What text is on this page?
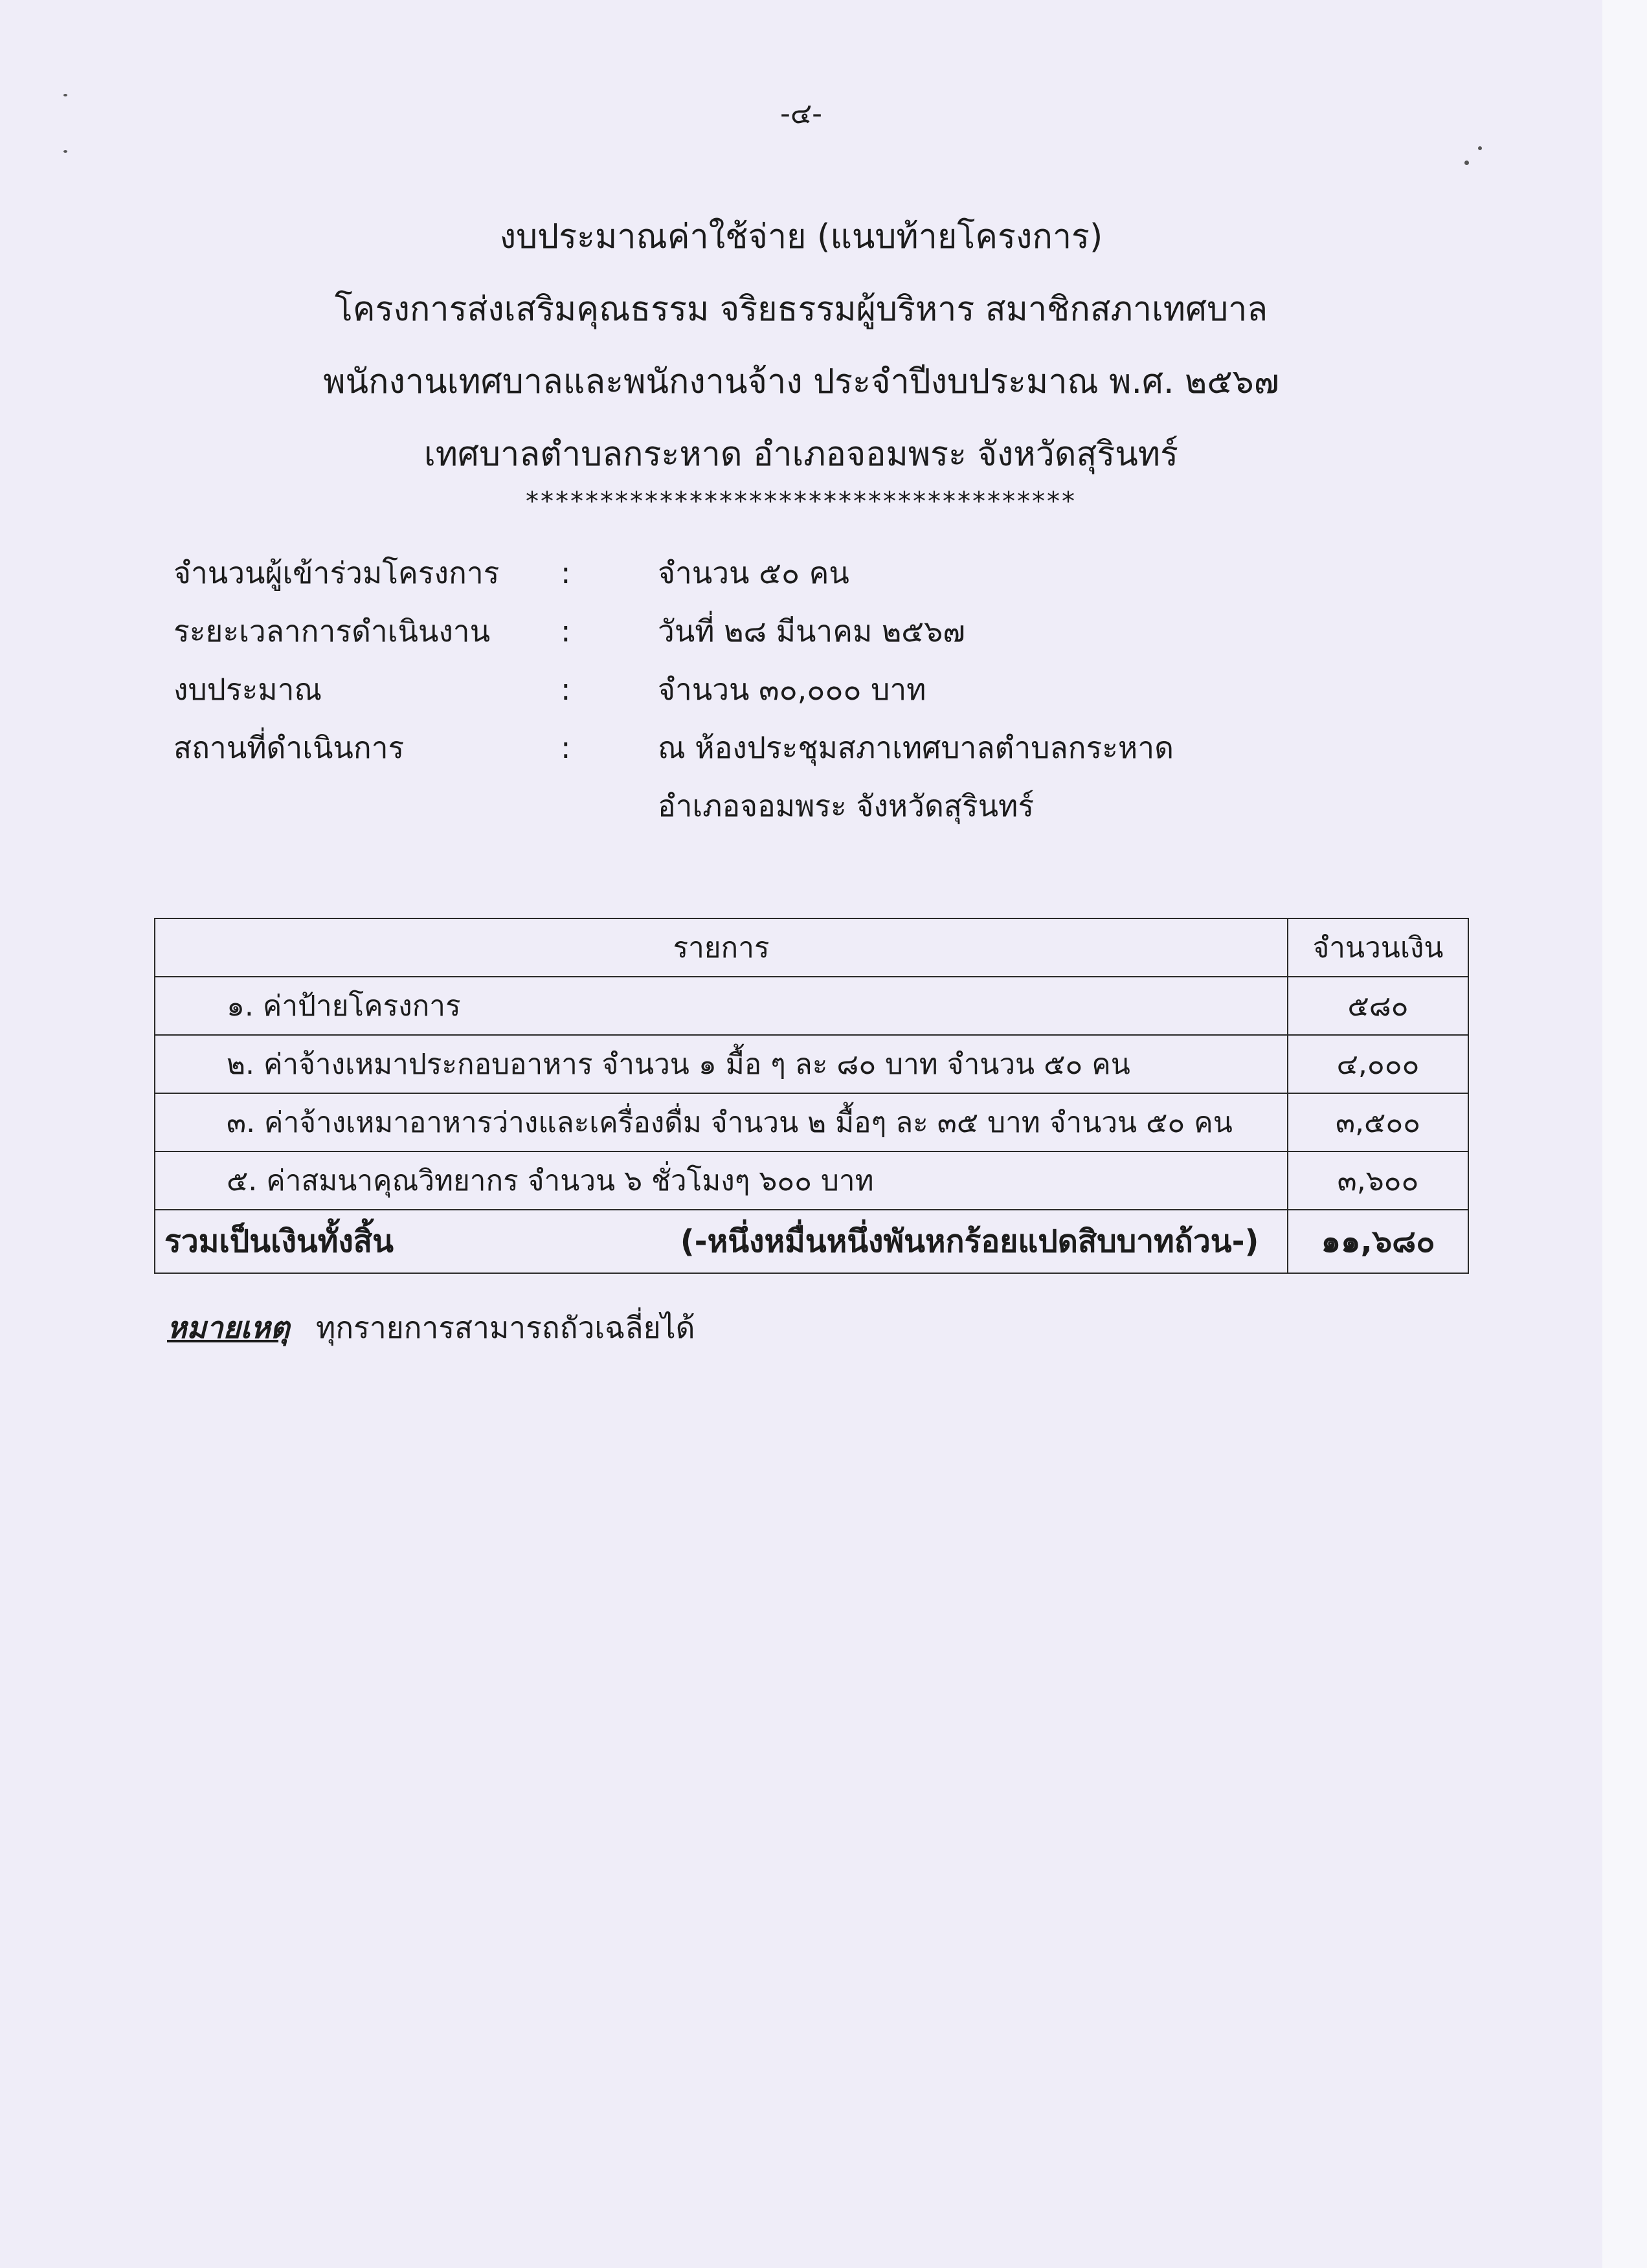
-๔-
งบประมาณค่าใช้จ่าย (แนบท้ายโครงการ)
โครงการส่งเสริมคุณธรรม จริยธรรมผู้บริหาร สมาชิกสภาเทศบาล
พนักงานเทศบาลและพนักงานจ้าง ประจำปีงบประมาณ พ.ศ. ๒๕๖๗
เทศบาลตำบลกระหาด อำเภอจอมพระ จังหวัดสุรินทร์
*************************************
จำนวนผู้เข้าร่วมโครงการ :	จำนวน ๕๐ คน
ระยะเวลาการดำเนินงาน :	วันที่ ๒๘ มีนาคม ๒๕๖๗
งบประมาณ	:	จำนวน ๓๐,๐๐๐ บาท
สถานที่ดำเนินการ	:	ณ ห้องประชุมสภาเทศบาลตำบลกระหาด
อำเภอจอมพระ จังหวัดสุรินทร์
รายการ	จำนวนเงิน
๑. ค่าป้ายโครงการ	๕๘๐
๒. ค่าจ้างเหมาประกอบอาหาร จำนวน ๑ มื้อ ๆ ละ ๘๐ บาท จำนวน ๕๐ คน	๔,๐๐๐
๓. ค่าจ้างเหมาอาหารว่างและเครื่องดื่ม จำนวน ๒ มื้อๆ ละ ๓๕ บาท จำนวน ๕๐ คน	๓,๕๐๐
๕. ค่าสมนาคุณวิทยากร จำนวน ๖ ชั่วโมงๆ ๖๐๐ บาท	๓,๖๐๐
รวมเป็นเงินทั้งสิ้น (-หนึ่งหมื่นหนึ่งพันหกร้อยแปดสิบบาทถ้วน-)	๑๑,๖๘๐
หมายเหตุ ทุกรายการสามารถถัวเฉลี่ยได้
